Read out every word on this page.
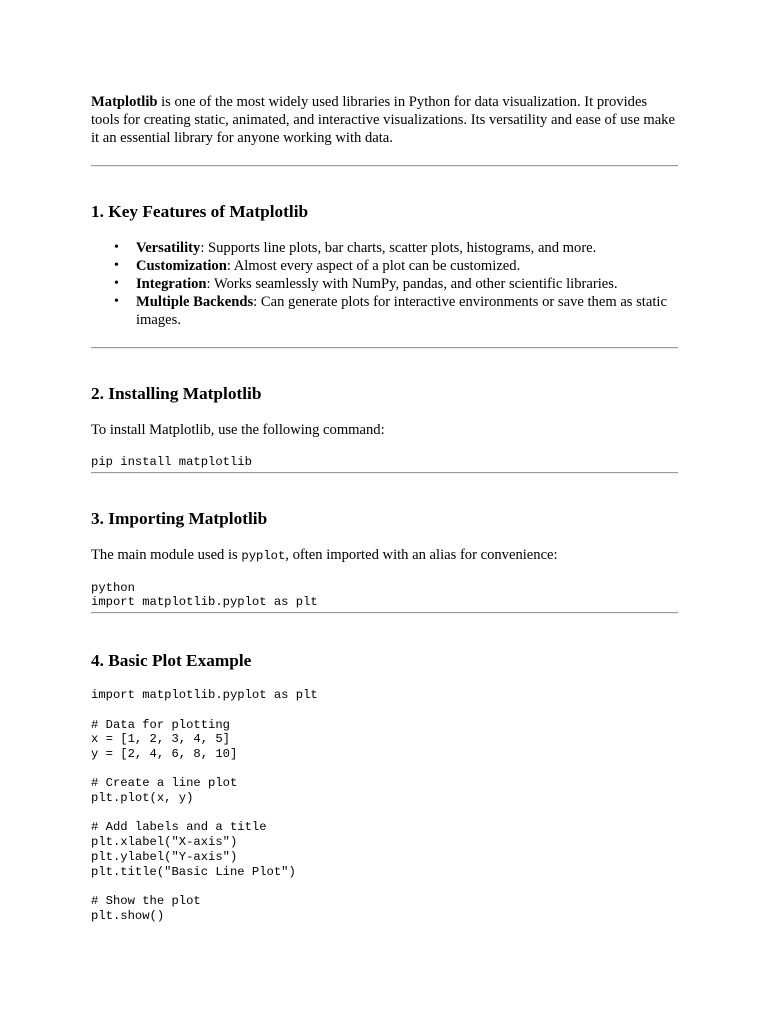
Matplotlib is one of the most widely used libraries in Python for data visualization. It provides tools for creating static, animated, and interactive visualizations. Its versatility and ease of use make it an essential library for anyone working with data.

1. Key Features of Matplotlib
• Versatility: Supports line plots, bar charts, scatter plots, histograms, and more.
• Customization: Almost every aspect of a plot can be customized.
• Integration: Works seamlessly with NumPy, pandas, and other scientific libraries.
• Multiple Backends: Can generate plots for interactive environments or save them as static images.
2. Installing Matplotlib

To install Matplotlib, use the following command:

pip install matplotlib
3. Importing Matplotlib

The main module used is pyplot, often imported with an alias for convenience:

python
import matplotlib.pyplot as plt
4. Basic Plot Example
import matplotlib.pyplot as plt

# Data for plotting
x = [1, 2, 3, 4, 5]
y = [2, 4, 6, 8, 10]

# Create a line plot
plt.plot(x, y)

# Add labels and a title
plt.xlabel("X-axis")
plt.ylabel("Y-axis")
plt.title("Basic Line Plot")

# Show the plot
plt.show()
